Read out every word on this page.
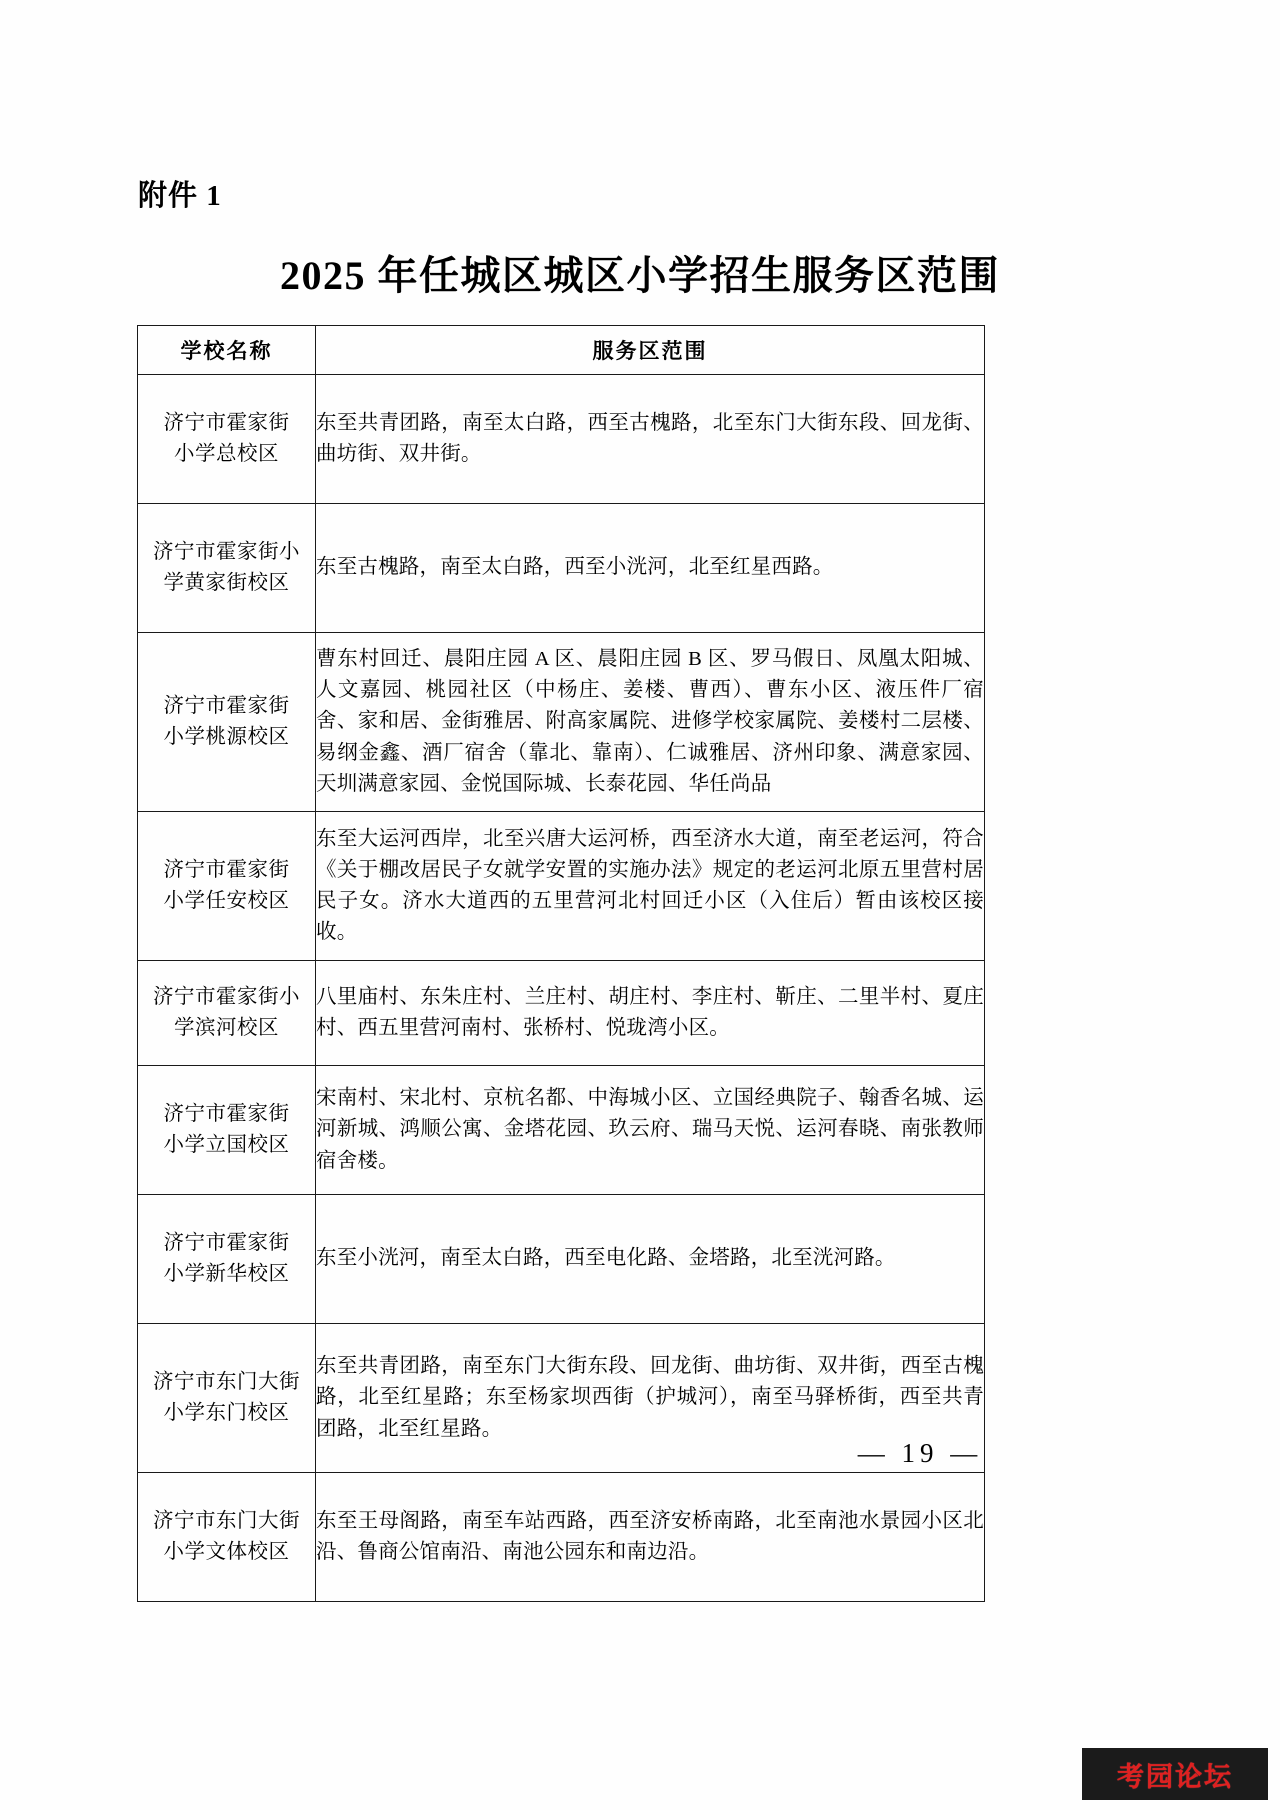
附件 1
2025 年任城区城区小学招生服务区范围
学校名称	服务区范围

济宁市霍家街
小学总校区	东至共青团路，南至太白路，西至古槐路，北至东门大街东段、回龙街、曲坊街、双井街。

济宁市霍家街小
学黄家街校区	东至古槐路，南至太白路，西至小洸河，北至红星西路。

济宁市霍家街
小学桃源校区	曹东村回迁、晨阳庄园 A 区、晨阳庄园 B 区、罗马假日、凤凰太阳城、人文嘉园、桃园社区（中杨庄、姜楼、曹西）、曹东小区、液压件厂宿舍、家和居、金街雅居、附高家属院、进修学校家属院、姜楼村二层楼、易纲金鑫、酒厂宿舍（靠北、靠南）、仁诚雅居、济州印象、满意家园、天圳满意家园、金悦国际城、长泰花园、华任尚品

济宁市霍家街
小学任安校区	东至大运河西岸，北至兴唐大运河桥，西至济水大道，南至老运河，符合《关于棚改居民子女就学安置的实施办法》规定的老运河北原五里营村居民子女。济水大道西的五里营河北村回迁小区（入住后）暂由该校区接收。

济宁市霍家街小
学滨河校区	八里庙村、东朱庄村、兰庄村、胡庄村、李庄村、靳庄、二里半村、夏庄村、西五里营河南村、张桥村、悦珑湾小区。

济宁市霍家街
小学立国校区	宋南村、宋北村、京杭名都、中海城小区、立国经典院子、翰香名城、运河新城、鸿顺公寓、金塔花园、玖云府、瑞马天悦、运河春晓、南张教师宿舍楼。

济宁市霍家街
小学新华校区	东至小洸河，南至太白路，西至电化路、金塔路，北至洸河路。

济宁市东门大街
小学东门校区	东至共青团路，南至东门大街东段、回龙街、曲坊街、双井街，西至古槐路，北至红星路；东至杨家坝西街（护城河），南至马驿桥街，西至共青团路，北至红星路。

济宁市东门大街
小学文体校区	东至王母阁路，南至车站西路，西至济安桥南路，北至南池水景园小区北沿、鲁商公馆南沿、南池公园东和南边沿。
— 19 —
考园论坛
